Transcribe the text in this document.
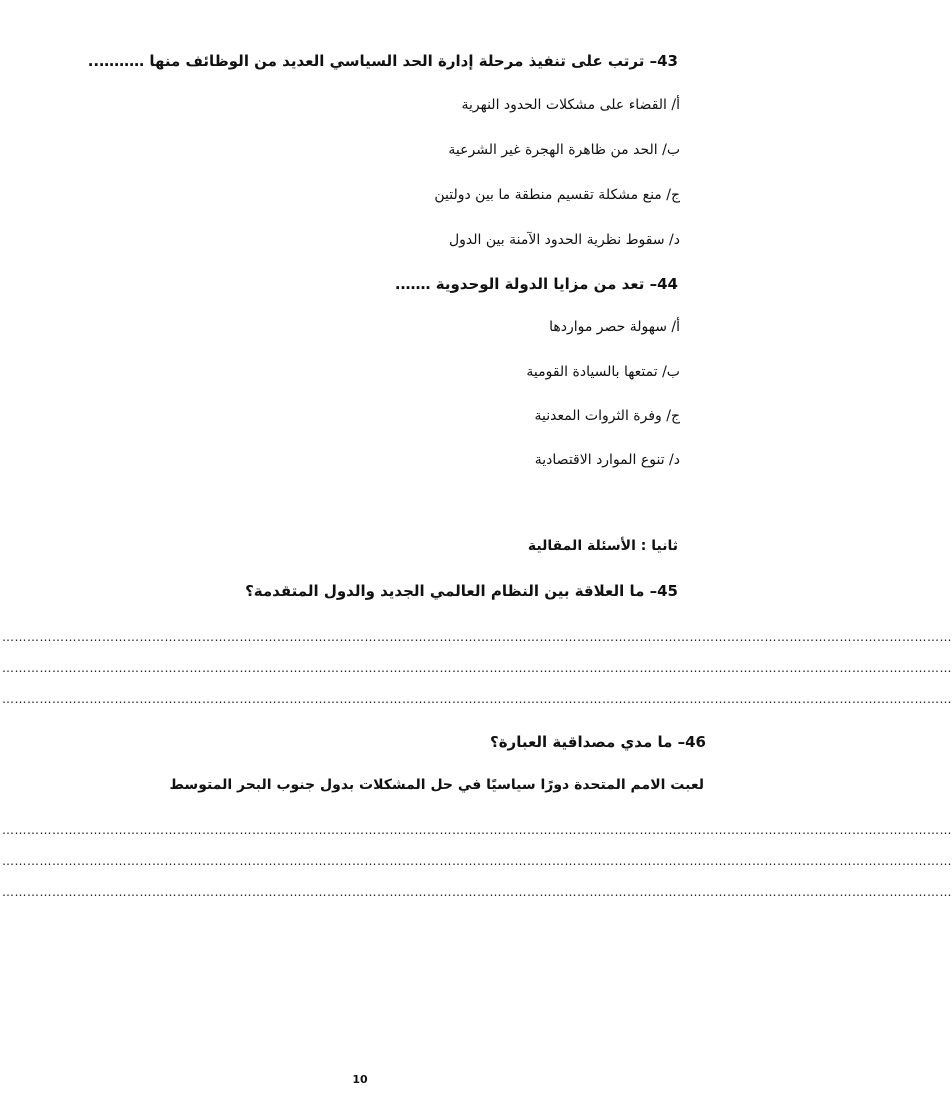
43– ترتب على تنفيذ مرحلة إدارة الحد السياسي العديد من الوظائف منها ………..
أ/ القضاء على مشكلات الحدود النهرية
ب/ الحد من ظاهرة الهجرة غير الشرعية
ج/ منع مشكلة تقسيم منطقة ما بين دولتين
د/ سقوط نظرية الحدود الآمنة بين الدول
44– تعد من مزايا الدولة الوحدوية …….
أ/ سهولة حصر مواردها
ب/ تمتعها بالسيادة القومية
ج/ وفرة الثروات المعدنية
د/ تنوع الموارد الاقتصادية
ثانيا : الأسئلة المقالية
45– ما العلاقة بين النظام العالمي الجديد والدول المتقدمة؟
…………………………………………………………………………………………………………………………………………………………………………………………………………
…………………………………………………………………………………………………………………………………………………………………………………………………………
…………………………………………………………………………………………………………………………………………………………………………………………………………
46– ما مدي مصداقية العبارة؟
لعبت الامم المتحدة دورًا سياسيًا في حل المشكلات بدول جنوب البحر المتوسط
…………………………………………………………………………………………………………………………………………………………………………………………………………
…………………………………………………………………………………………………………………………………………………………………………………………………………
…………………………………………………………………………………………………………………………………………………………………………………………………………
10
